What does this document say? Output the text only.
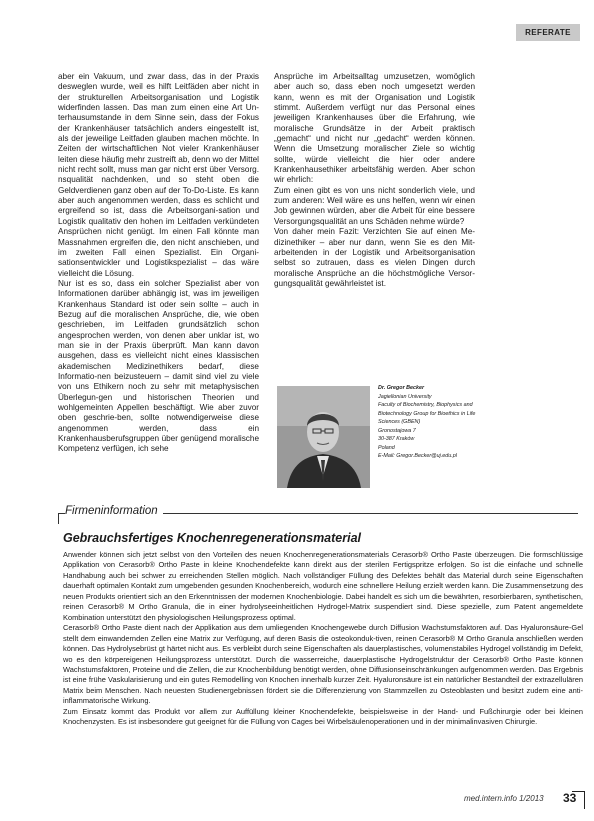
REFERATE

aber ein Vakuum, und zwar dass, das in der Praxis desweglen wurde, weil es hilft Leitfäden aber nicht in der strukturellen Arbeitsorganisation und Logistik widerfinden lassen. Das man zum einen eine Art Un-terhausumstande in dem Sinne sein, dass der Fokus der Krankenhäuser tatsächlich anders eingestellt ist, als der jeweilige Leitfaden glauben machen möchte. In Zeiten der wirtschaftlichen Not vieler Krankenhäuser leiten diese häufig mehr zustreift ab, denn wo der Mittel nicht recht sollt, muss man gar nicht erst über Versorg. nsqualität nachdenken, und so steht oben die Geldverdienen ganz oben auf der To-Do-Liste. Es kann aber auch angenommen werden, dass es schlicht und ergreifend so ist, dass die Arbeitsorgani-sation und Logistik qualitativ den hohen im Leitfaden verkündeten Ansprüchen nicht genügt. Im einen Fall könnte man Massnahmen ergreifen die, den nicht anschieben, und im zweiten Fall einen Spezialist. Ein Organi-sationsentwickler und Logistikspezialist – das wäre vielleicht die Lösung.

Nur ist es so, dass ein solcher Spezialist aber von Informationen darüber abhängig ist, was im jeweiligen Krankenhaus Standard ist oder sein sollte – auch in Bezug auf die moralischen Ansprüche, die, wie oben geschrieben, im Leitfaden grundsätzlich schon angesprochen werden, von denen aber unklar ist, wo man sie in der Praxis überprüft. Man kann davon ausgehen, dass es vielleicht nicht eines klassischen akademischen Medizinethikers bedarf, diese Informatio-nen beizusteuern – damit sind viel zu viele von uns Ethikern noch zu sehr mit metaphysischen Überlegun-gen und historischen Theorien und wohlgemeinten Appellen beschäftigt. Wie aber zuvor oben geschrie-ben, sollte notwendigerweise diese angenommen werden, dass ein Krankenhausberufsgruppen über genügend moralische Kompetenz verfügen, ich sehe

Ansprüche im Arbeitsalltag umzusetzen, womöglich aber auch so, dass eben noch umgesetzt werden kann, wenn es mit der Organisation und Logistik stimmt. Außerdem verfügt nur das Personal eines jeweiligen Krankenhauses über die Erfahrung, wie moralische Grundsätze in der Arbeit praktisch „gemacht“ und nicht nur „gedacht“ werden können. Wenn die Umsetzung moralischer Ziele so wichtig sollte, würde vielleicht die hier oder andere Krankenhausethiker arbeitsfähig werden. Aber schon wir ehrlich:

Zum einen gibt es von uns nicht sonderlich viele, und zum anderen: Weil wäre es uns helfen, wenn wir einen Job gewinnen würden, aber die Arbeit für eine bessere Versorgungsqualität an uns Schäden nehme würde?

Von daher mein Fazit: Verzichten Sie auf einen Me-dizinethiker – aber nur dann, wenn Sie es den Mit-arbeitenden in der Logistik und Arbeitsorganisation selbst so zutrauen, dass es vielen Dingen durch moralische Ansprüche an die höchstmögliche Versor-gungsqualität gewährleistet ist.

Dr. Gregor Becker
Jagiellonian University
Faculty of Biochemistry, Biophysics and
Biotechnology Group for Bioethics in Life
Sciences (GBEN)
Gronostajowa 7
30-387 Kraków
Poland
E-Mail: Gregor.Becker@uj.edu.pl
Firmeninformation
Gebrauchsfertiges Knochenregenerationsmaterial

Anwender können sich jetzt selbst von den Vorteilen des neuen Knochenregenerationsmaterials Cerasorb® Ortho Paste überzeugen. Die formschlüssige Applikation von Cerasorb® Ortho Paste in kleine Knochendefekte kann direkt aus der sterilen Fertigspritze erfolgen. So ist die einfache und schnelle Handhabung auch bei schwer zu erreichenden Stellen möglich. Nach vollständiger Füllung des Defektes behält das Material durch seine Eigenschaften dauerhaft optimalen Kontakt zum umgebenden gesunden Knochenbereich, wodurch eine schnellere Heilung erzielt werden kann. Die Zusammensetzung des neuen Produkts orientiert sich an den Erkenntnissen der modernen Knochenbiologie. Dabei handelt es sich um die bewährten, resorbierbaren, synthetischen, reinen Cerasorb® M Ortho Granula, die in einer hydrolyseeinheitlichen Hydrogel-Matrix suspendiert sind. Diese spezielle, zum Patent angemeldete Kombination unterstützt den physiologischen Heilungsprozess optimal.

Cerasorb® Ortho Paste dient nach der Applikation aus dem umliegenden Knochengewebe durch Diffusion Wachstumsfaktoren auf. Das Hyaluronsäure-Gel stellt dem einwandernden Zellen eine Matrix zur Verfügung, auf deren Basis die osteokonduk-tiven, reinen Cerasorb® M Ortho Granula anschließen werden können. Das Hydrolysebrüst gt härtet nicht aus. Es verbleibt durch seine Eigenschaften als dauerplastisches, volumenstabiles Hydrogel vollständig im Defekt, wo es den körpereigenen Heilungsprozess unterstützt. Durch die wasserreiche, dauerplastische Hydrogelstruktur der Cerasorb® Ortho Paste können Wachstumsfaktoren, Proteine und die Zellen, die zur Knochenbildung benötigt werden, ohne Diffusionseinschränkungen aufgenommen werden. Das Ergebnis ist eine frühe Vaskularisierung und ein gutes Remodelling von Knochen innerhalb kurzer Zeit. Hyaluronsäure ist ein natürlicher Bestandteil der extrazellulären Matrix beim Menschen. Nach neuesten Studienergebnissen fördert sie die Differenzierung von Stammzellen zu Osteoblasten und besitzt zudem eine anti-inflammatorische Wirkung.

Zum Einsatz kommt das Produkt vor allem zur Auffüllung kleiner Knochendefekte, beispielsweise in der Hand- und Fußchirurgie oder bei kleinen Knochenzysten. Es ist insbesondere gut geeignet für die Füllung von Cages bei Wirbelsäulenoperationen und in der minimalinvasiven Chirurgie.

med.intern.info 1/2013 33
